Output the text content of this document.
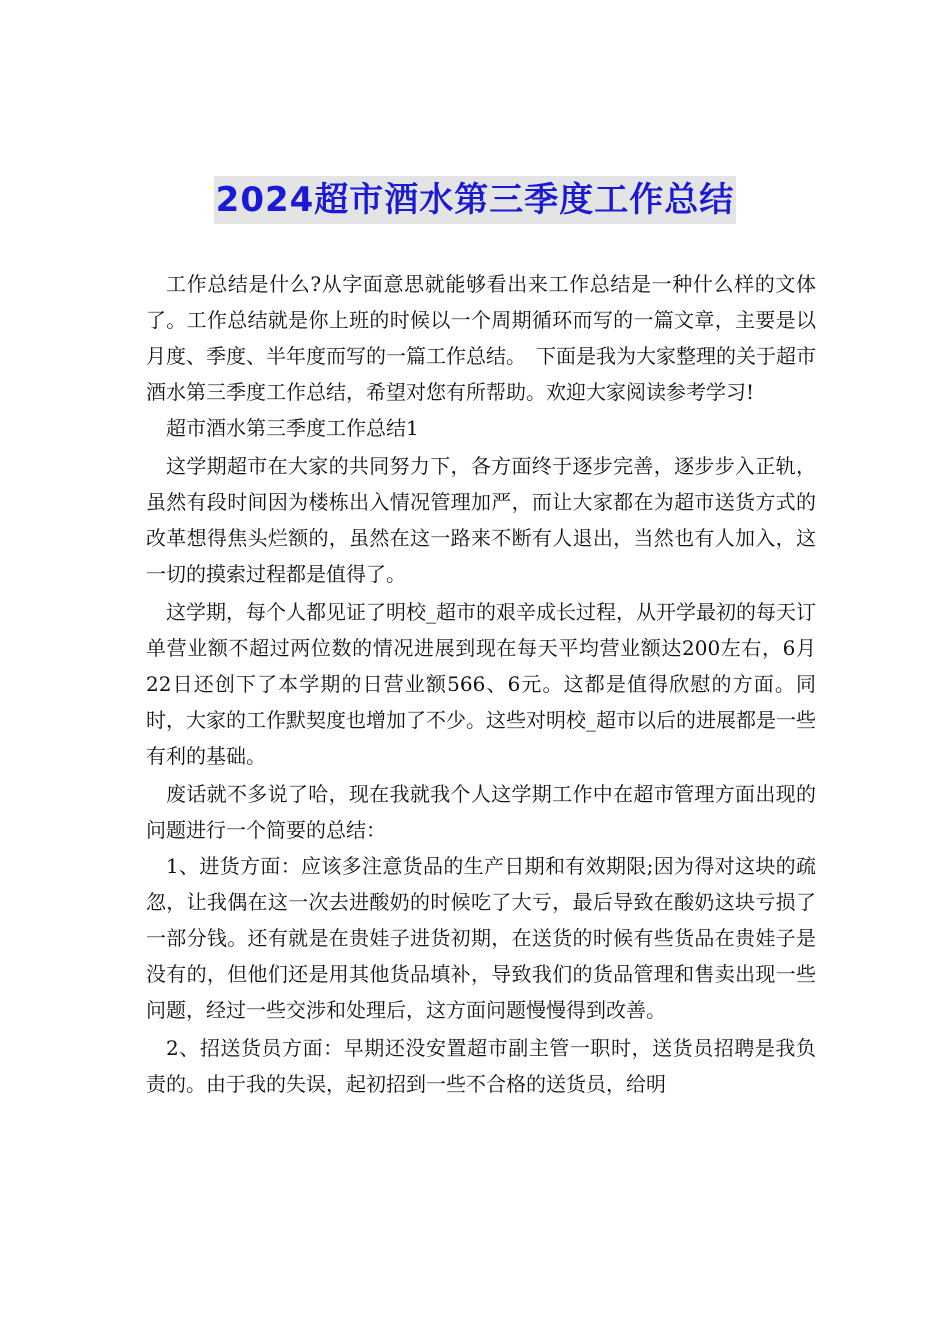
2024超市酒水第三季度工作总结

工作总结是什么?从字面意思就能够看出来工作总结是一种什么样的文体了。工作总结就是你上班的时候以一个周期循环而写的一篇文章，主要是以月度、季度、半年度而写的一篇工作总结。　下面是我为大家整理的关于超市酒水第三季度工作总结，希望对您有所帮助。欢迎大家阅读参考学习!

超市酒水第三季度工作总结1

这学期超市在大家的共同努力下，各方面终于逐步完善，逐步步入正轨，虽然有段时间因为楼栋出入情况管理加严，而让大家都在为超市送货方式的改革想得焦头烂额的，虽然在这一路来不断有人退出，当然也有人加入，这一切的摸索过程都是值得了。

这学期，每个人都见证了明校_超市的艰辛成长过程，从开学最初的每天订单营业额不超过两位数的情况进展到现在每天平均营业额达200左右，6月22日还创下了本学期的日营业额566、6元。这都是值得欣慰的方面。同时，大家的工作默契度也增加了不少。这些对明校_超市以后的进展都是一些有利的基础。

废话就不多说了哈，现在我就我个人这学期工作中在超市管理方面出现的问题进行一个简要的总结：

1、进货方面：应该多注意货品的生产日期和有效期限;因为得对这块的疏忽，让我偶在这一次去进酸奶的时候吃了大亏，最后导致在酸奶这块亏损了一部分钱。还有就是在贵娃子进货初期，在送货的时候有些货品在贵娃子是没有的，但他们还是用其他货品填补，导致我们的货品管理和售卖出现一些问题，经过一些交涉和处理后，这方面问题慢慢得到改善。

2、招送货员方面：早期还没安置超市副主管一职时，送货员招聘是我负责的。由于我的失误，起初招到一些不合格的送货员，给明
